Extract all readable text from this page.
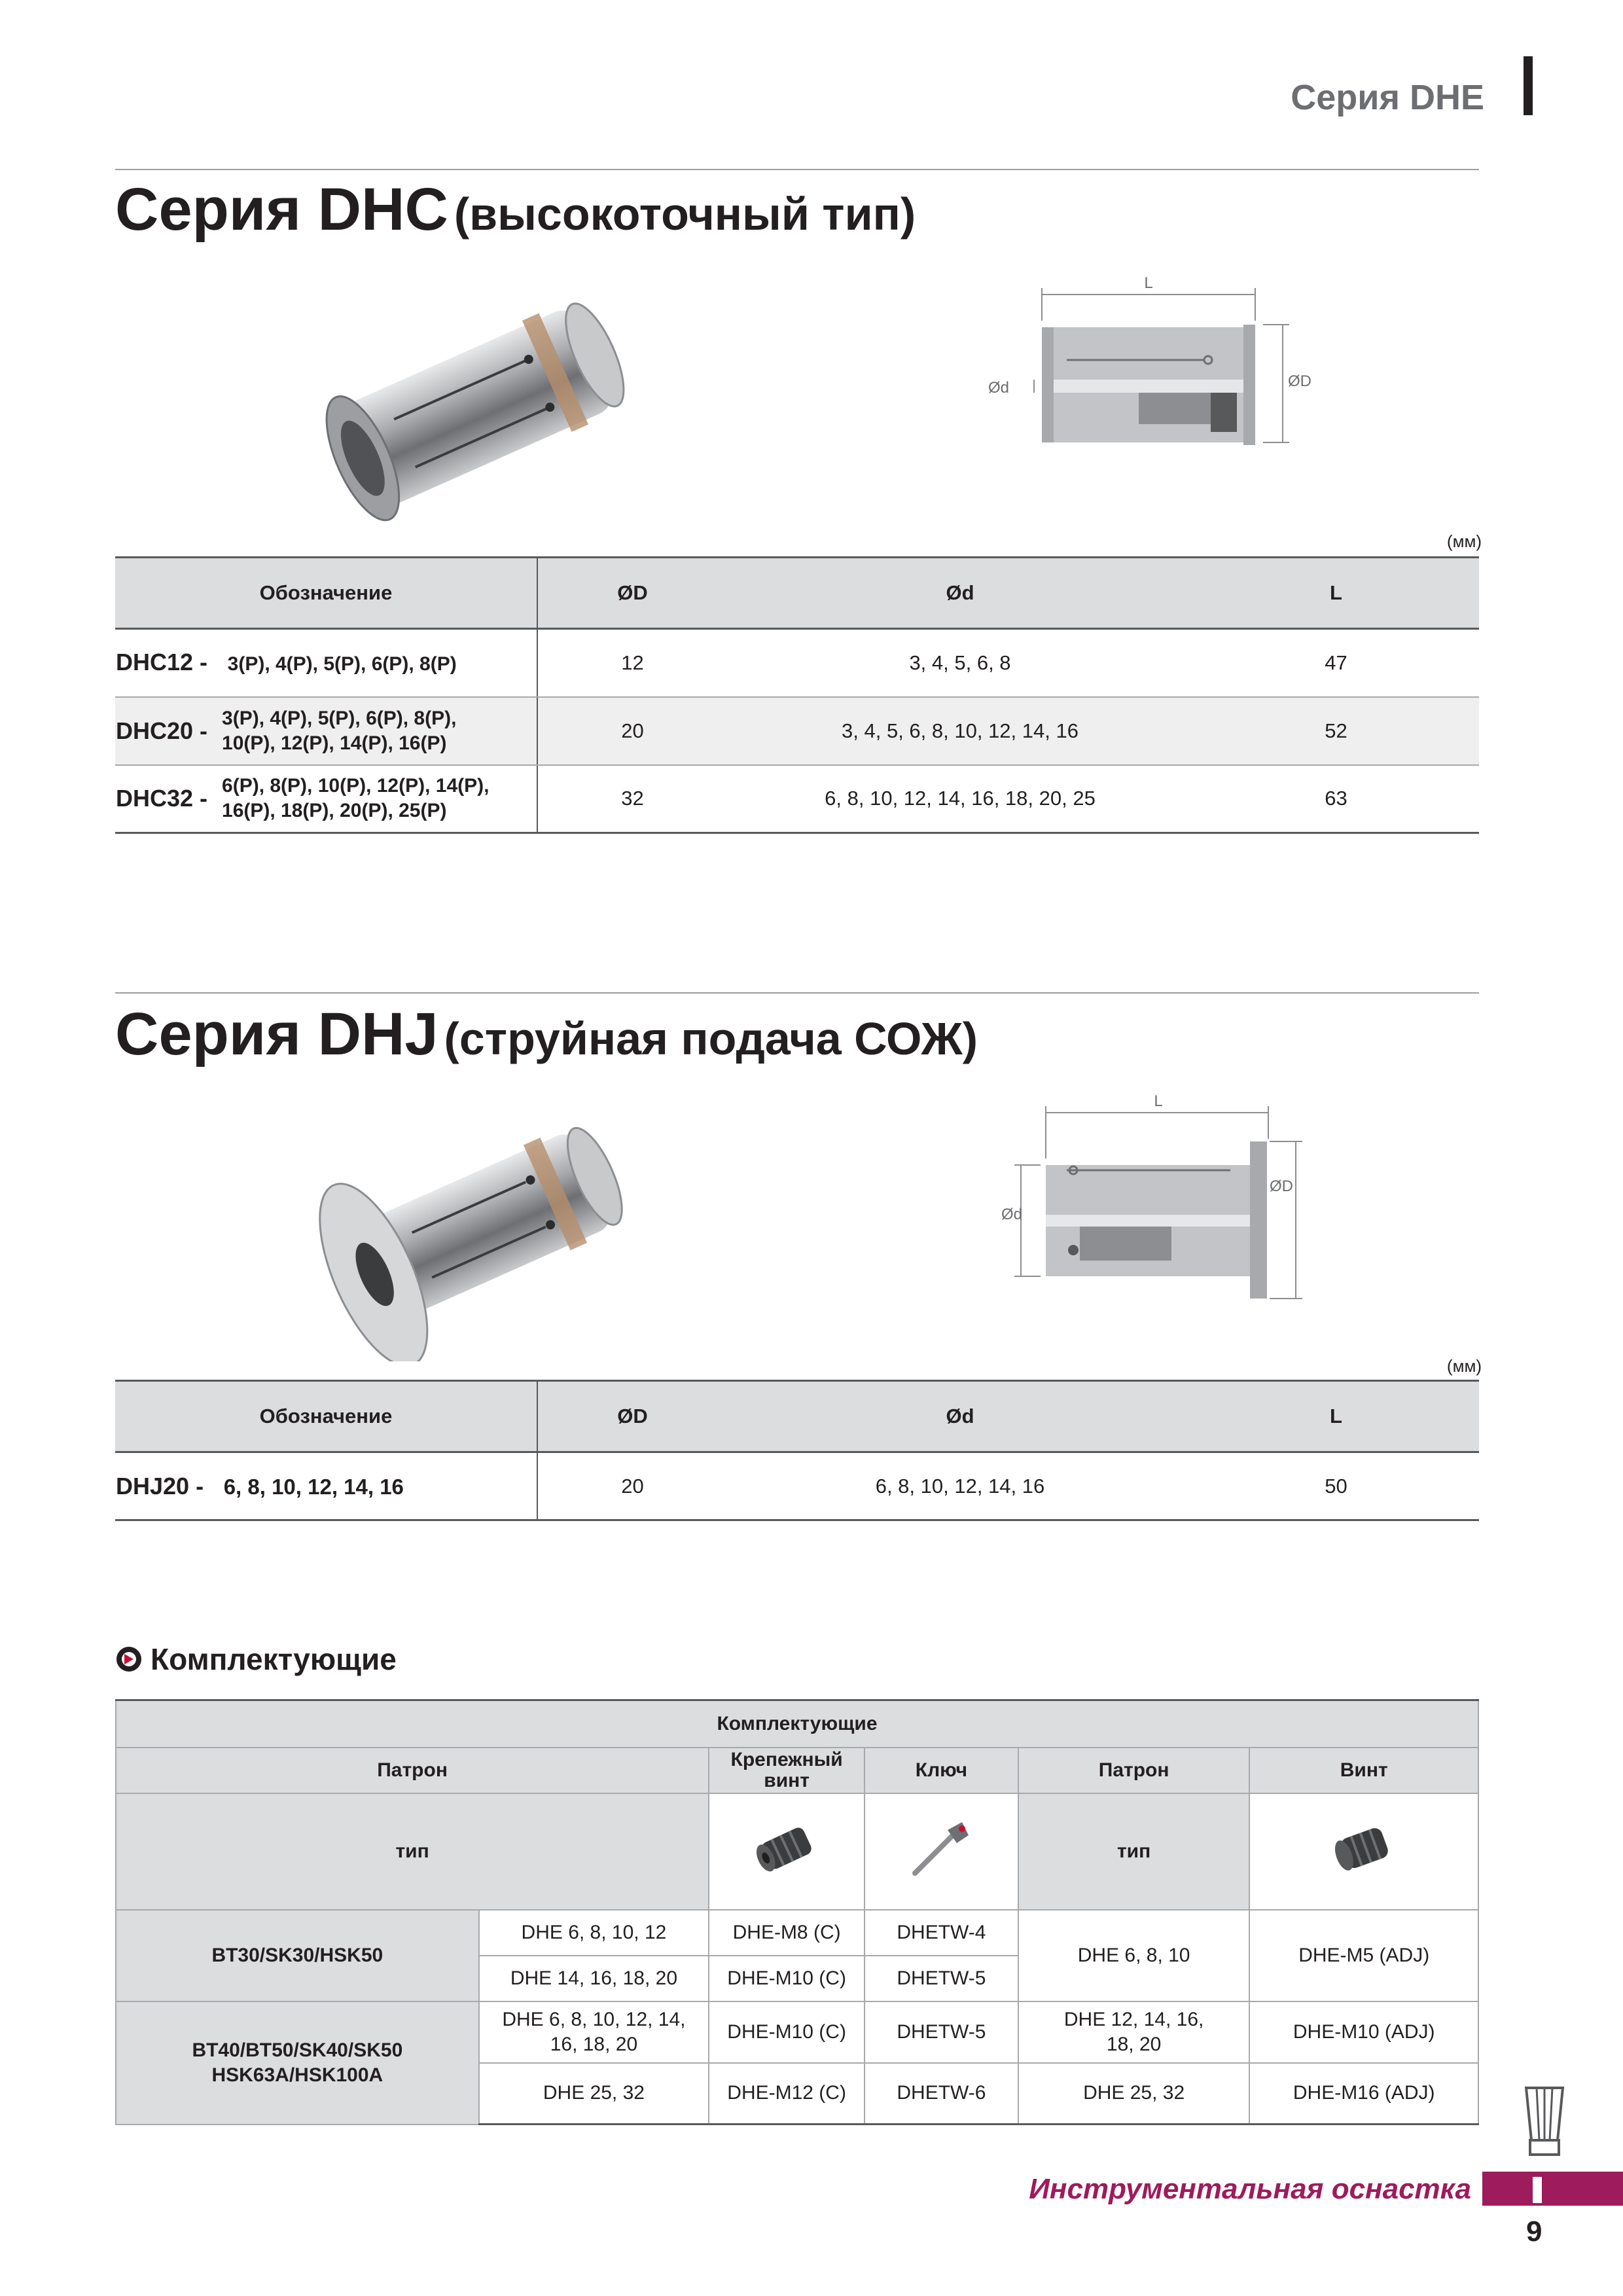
Серия DHE
Серия DHC (высокоточный тип)
L
ØD
Ød
(мм)
Обозначение	ØD	Ød	L
DHC12 - 3(P), 4(P), 5(P), 6(P), 8(P)	12	3, 4, 5, 6, 8	47

DHC20 - 3(P), 4(P), 5(P), 6(P), 8(P),
10(P), 12(P), 14(P), 16(P)	20	3, 4, 5, 6, 8, 10, 12, 14, 16	52

DHC32 - 6(P), 8(P), 10(P), 12(P), 14(P),
16(P), 18(P), 20(P), 25(P)	32	6, 8, 10, 12, 14, 16, 18, 20, 25	63
Серия DHJ (струйная подача СОЖ)
L
Ød
ØD
(мм)
Обозначение	ØD	Ød	L
DHJ20 - 6, 8, 10, 12, 14, 16	20	6, 8, 10, 12, 14, 16	50
Комплектующие
Комплектующие					
Патрон		Крепежный винт	Ключ	Патрон	Винт
тип				тип	
BT30/SK30/HSK50	DHE 6, 8, 10, 12	DHE-M8 (C)	DHETW-4	DHE 6, 8, 10	DHE-M5 (ADJ)
	DHE 14, 16, 18, 20	DHE-M10 (C)	DHETW-5		
BT40/BT50/SK40/SK50 HSK63A/HSK100A	DHE 6, 8, 10, 12, 14, 16, 18, 20	DHE-M10 (C)	DHETW-5	DHE 12, 14, 16, 18, 20	DHE-M10 (ADJ)
	DHE 25, 32	DHE-M12 (C)	DHETW-6	DHE 25, 32	DHE-M16 (ADJ)
Инструментальная оснастка
9
